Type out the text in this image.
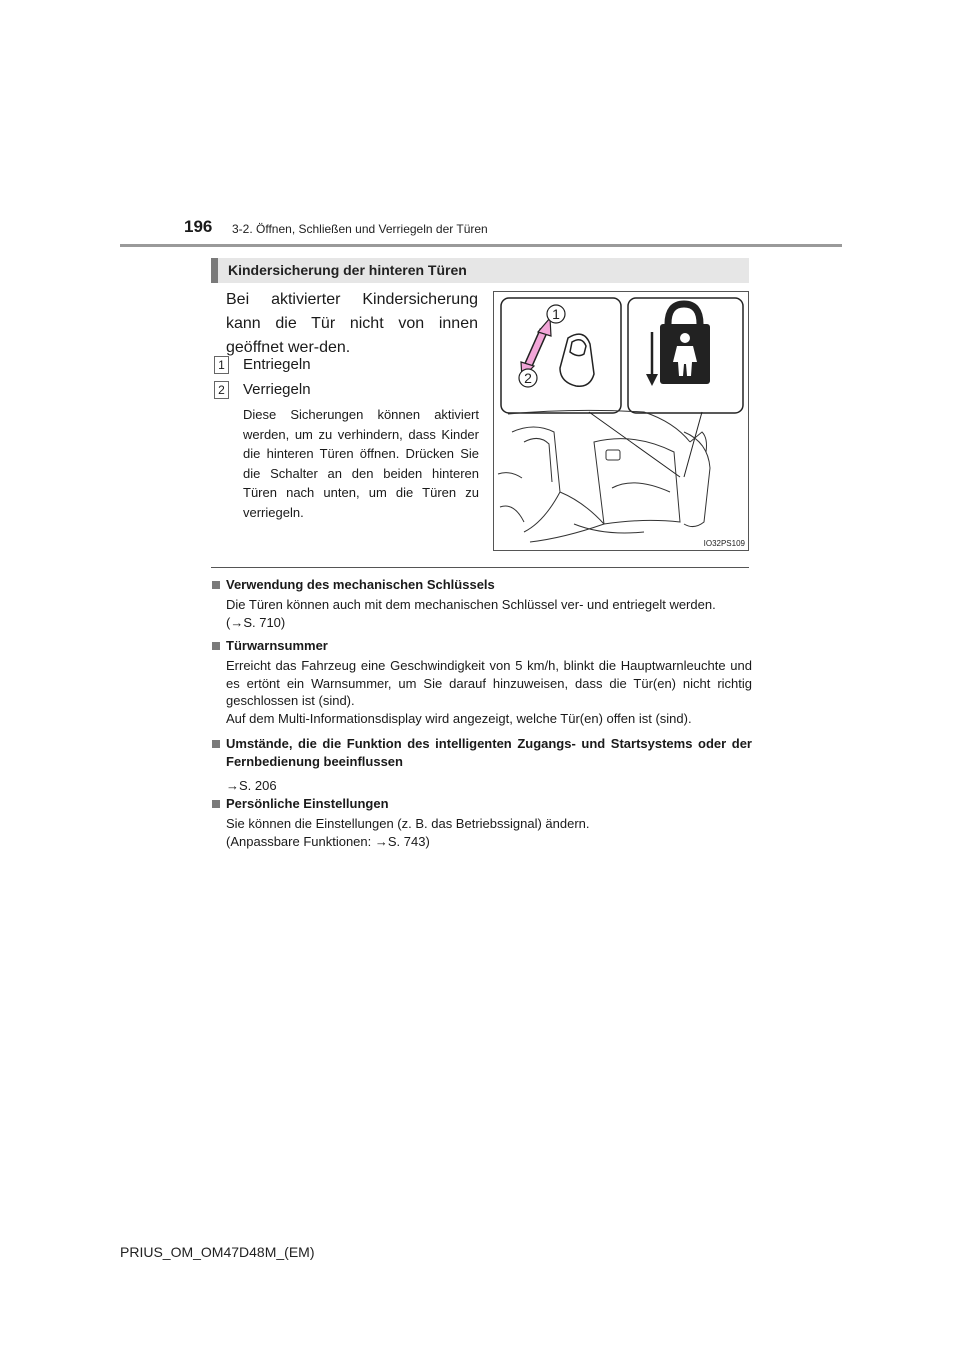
196 3-2. Öffnen, Schließen und Verriegeln der Türen
Kindersicherung der hinteren Türen
Bei aktivierter Kindersicherung kann die Tür nicht von innen geöffnet wer-den.
1 Entriegeln
2 Verriegeln
Diese Sicherungen können aktiviert werden, um zu verhindern, dass Kinder die hinteren Türen öffnen. Drücken Sie die Schalter an den beiden hinteren Türen nach unten, um die Türen zu verriegeln.
1
2
IO32PS109
Verwendung des mechanischen Schlüssels

Die Türen können auch mit dem mechanischen Schlüssel ver- und entriegelt werden.

(→S. 710)

Türwarnsummer

Erreicht das Fahrzeug eine Geschwindigkeit von 5 km/h, blinkt die Hauptwarnleuchte und es ertönt ein Warnsummer, um Sie darauf hinzuweisen, dass die Tür(en) nicht richtig geschlossen ist (sind).

Auf dem Multi-Informationsdisplay wird angezeigt, welche Tür(en) offen ist (sind).

Umstände, die die Funktion des intelligenten Zugangs- und Startsystems oder der Fernbedienung beeinflussen

→S. 206

Persönliche Einstellungen

Sie können die Einstellungen (z. B. das Betriebssignal) ändern.

(Anpassbare Funktionen: →S. 743)

PRIUS_OM_OM47D48M_(EM)
